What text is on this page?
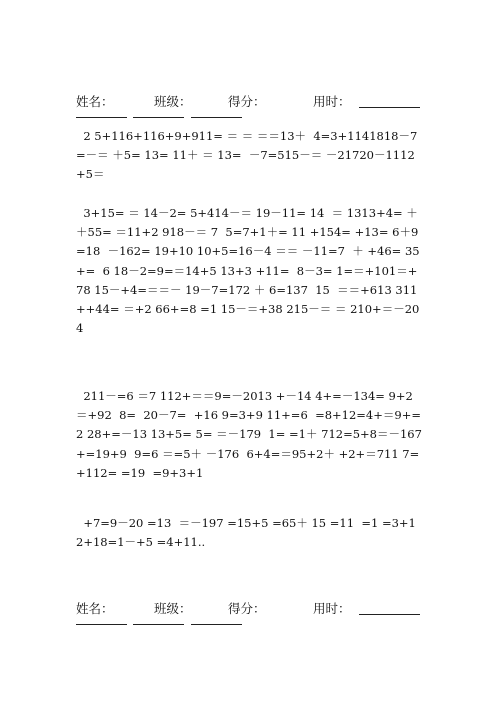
姓名：	班级：	得分：	用时：
2 5+116+116+9+911= ＝ ＝ ＝＝13＋  4=3+1141818－7=－＝ ＋5= 13= 11＋ ＝ 13=  －7=515－＝ －21720－1112+5＝
3+15= ＝ 14－2= 5+414－＝ 19－11= 14  ＝ 1313+4= ＋＋55= ＝11+2 918－＝ 7  5=7+1＋= 11 +154= +13= 6＋9=18  －162= 19+10 10+5=16－4 ＝＝ －11=7  ＋ +46= 35+=  6 18－2=9=＝14+5 13+3 +11=  8－3= 1=＝+101＝+78 15－+4=＝＝－ 19－7=172 ＋ 6=137  15  ＝＝+613 311++44= ＝+2 66+=8 =1 15－＝+38 215－＝ ＝ 210+＝－204
211－=6 ＝7 112+＝＝9=－2013 +－14 4+=－134= 9+2＝+92  8=  20－7=  +16 9=3+9 11+=6  =8+12=4+＝9+=2 28+=－13 13+5= 5= ＝－179  1= =1＋ 712=5+8＝－167+=19+9  9=6 ＝=5＋ －176  6+4=＝95+2＋ +2+＝711 7=+112= =19  =9+3+1
+7=9－20 =13  ＝－197 =15+5 =65＋ 15 =11  =1 =3+12+18=1－+5 =4+11..
姓名：	班级：	得分：	用时：
